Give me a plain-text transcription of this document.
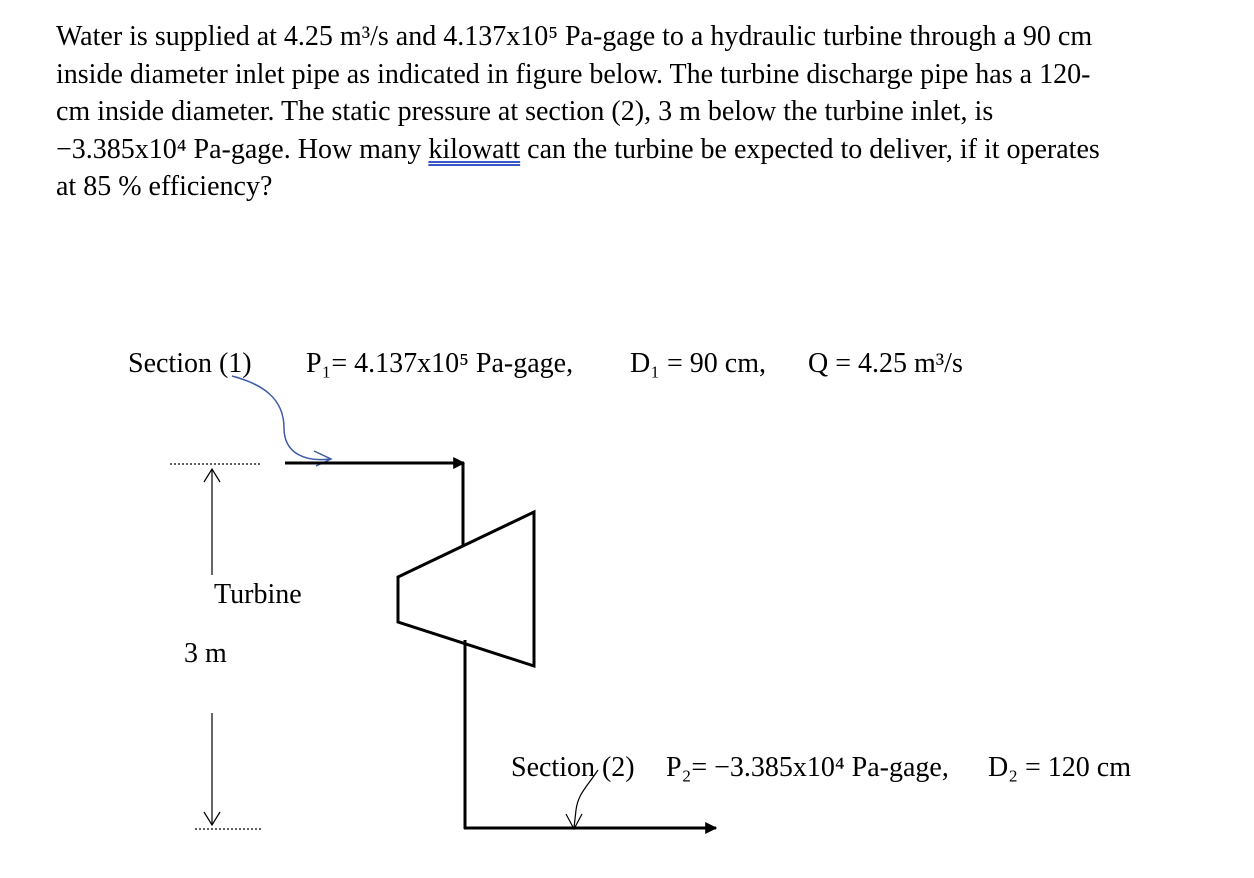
Water is supplied at 4.25 m³/s and 4.137x10⁵ Pa-gage to a hydraulic turbine through a 90 cm
inside diameter inlet pipe as indicated in figure below. The turbine discharge pipe has a 120-
cm inside diameter. The static pressure at section (2), 3 m below the turbine inlet, is
−3.385x10⁴ Pa-gage. How many kilowatt can the turbine be expected to deliver, if it operates
at 85 % efficiency?
Section (1) P₁= 4.137x10⁵ Pa-gage, D₁ = 90 cm, Q = 4.25 m³/s
Turbine
3 m
Section (2) P₂= −3.385x10⁴ Pa-gage, D₂ = 120 cm
